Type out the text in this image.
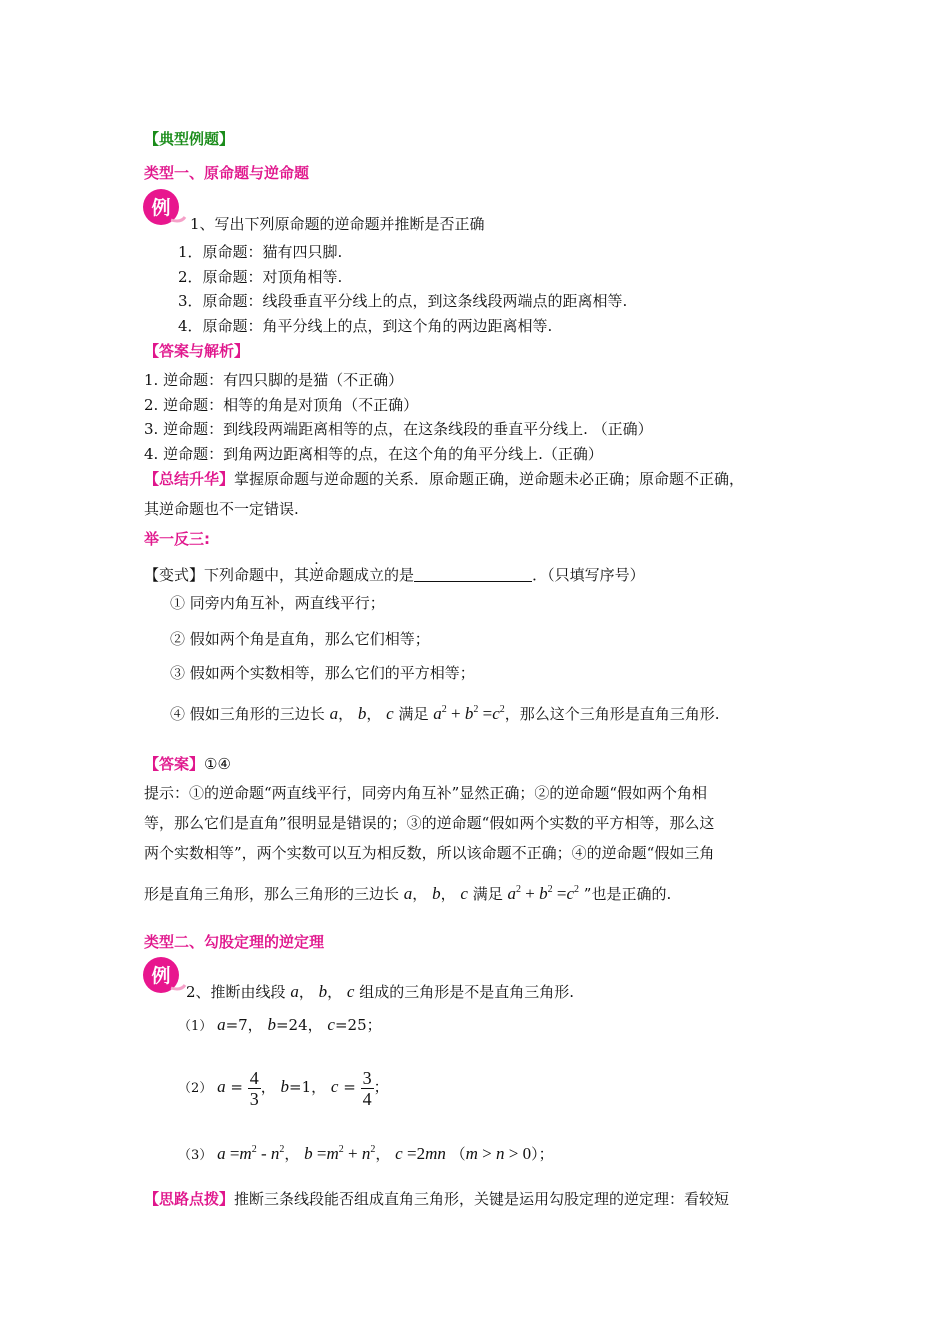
【典型例题】
类型一、原命题与逆命题
例
1、写出下列原命题的逆命题并推断是否正确
1．原命题：猫有四只脚.
2．原命题：对顶角相等.
3．原命题：线段垂直平分线上的点，到这条线段两端点的距离相等.
4．原命题：角平分线上的点，到这个角的两边距离相等.
【答案与解析】
1. 逆命题：有四只脚的是猫（不正确）
2. 逆命题：相等的角是对顶角（不正确）
3. 逆命题：到线段两端距离相等的点，在这条线段的垂直平分线上. （正确）
4. 逆命题：到角两边距离相等的点，在这个角的角平分线上.（正确）
【总结升华】掌握原命题与逆命题的关系．原命题正确，逆命题未必正确；原命题不正确，
其逆命题也不一定错误.
举一反三:
【变式】下列命题中，其逆命题成立的是	．（只填写序号）
① 同旁内角互补，两直线平行；
② 假如两个角是直角，那么它们相等；
③ 假如两个实数相等，那么它们的平方相等；
④ 假如三角形的三边长 a， b， c 满足 $a^2 + b^2 =c^2$，那么这个三角形是直角三角形.
【答案】①④
提示：①的逆命题“两直线平行，同旁内角互补”显然正确；②的逆命题“假如两个角相
等，那么它们是直角”很明显是错误的；③的逆命题“假如两个实数的平方相等，那么这
两个实数相等”，两个实数可以互为相反数，所以该命题不正确；④的逆命题“假如三角
形是直角三角形，那么三角形的三边长 a， b， c 满足 $a^2 + b^2 =c^2$ ”也是正确的.
类型二、勾股定理的逆定理
例
2、推断由线段 a， b， c 组成的三角形是不是直角三角形.
（1） a=7， b=24， c=25；
（2） $a = \frac{4}{3}$ ， b=1， $c = \frac{3}{4}$ ；
（3） $a =m^2 - n^2$， $b =m^2 + n^2$， c =2mn （m > n > 0）；
【思路点拨】推断三条线段能否组成直角三角形，关键是运用勾股定理的逆定理：看较短
